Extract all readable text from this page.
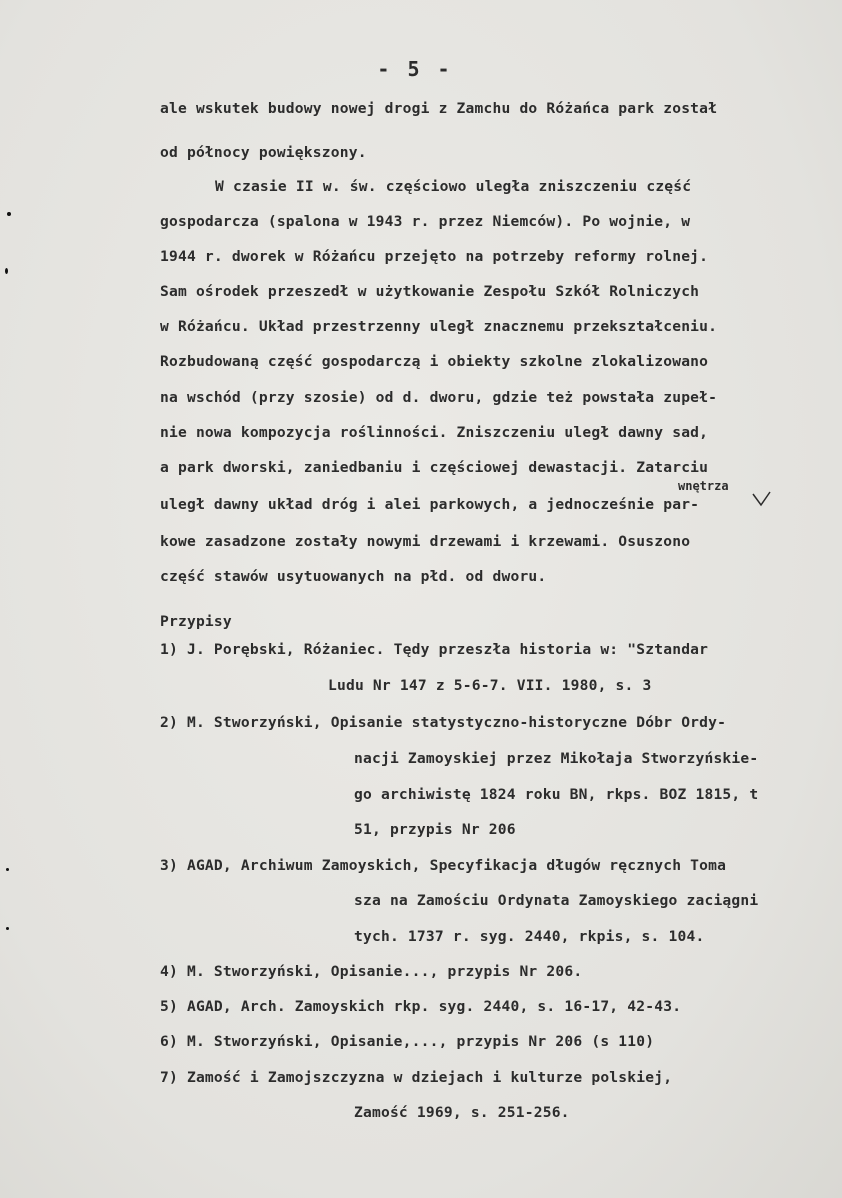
- 5 -
ale wskutek budowy nowej drogi z Zamchu do Różańca park został
od północy powiększony.
W czasie II w. św. częściowo uległa zniszczeniu część
gospodarcza (spalona w 1943 r. przez Niemców). Po wojnie, w
1944 r. dworek w Różańcu przejęto na potrzeby reformy rolnej.
Sam ośrodek przeszedł w użytkowanie Zespołu Szkół Rolniczych
w Różańcu. Układ przestrzenny uległ znacznemu przekształceniu.
Rozbudowaną część gospodarczą i obiekty szkolne zlokalizowano
na wschód (przy szosie) od d. dworu, gdzie też powstała zupeł-
nie nowa kompozycja roślinności. Zniszczeniu uległ dawny sad,
a park dworski, zaniedbaniu i częściowej dewastacji. Zatarciu
uległ dawny układ dróg i alei parkowych, a jednocześnie par-
kowe zasadzone zostały nowymi drzewami i krzewami. Osuszono
część stawów usytuowanych na płd. od dworu.
wnętrza
Przypisy
1) J. Porębski, Różaniec. Tędy przeszła historia w: "Sztandar
Ludu Nr 147 z 5-6-7. VII. 1980, s. 3
2) M. Stworzyński, Opisanie statystyczno-historyczne Dóbr Ordy-
nacji Zamoyskiej przez Mikołaja Stworzyńskie-
go archiwistę 1824 roku BN, rkps. BOZ 1815, t
51, przypis Nr 206
3) AGAD, Archiwum Zamoyskich, Specyfikacja długów ręcznych Toma
sza na Zamościu Ordynata Zamoyskiego zaciągni
tych. 1737 r. syg. 2440, rkpis, s. 104.
4) M. Stworzyński, Opisanie..., przypis Nr 206.
5) AGAD, Arch. Zamoyskich rkp. syg. 2440, s. 16-17, 42-43.
6) M. Stworzyński, Opisanie,..., przypis Nr 206 (s 110)
7) Zamość i Zamojszczyzna w dziejach i kulturze polskiej,
Zamość 1969, s. 251-256.
